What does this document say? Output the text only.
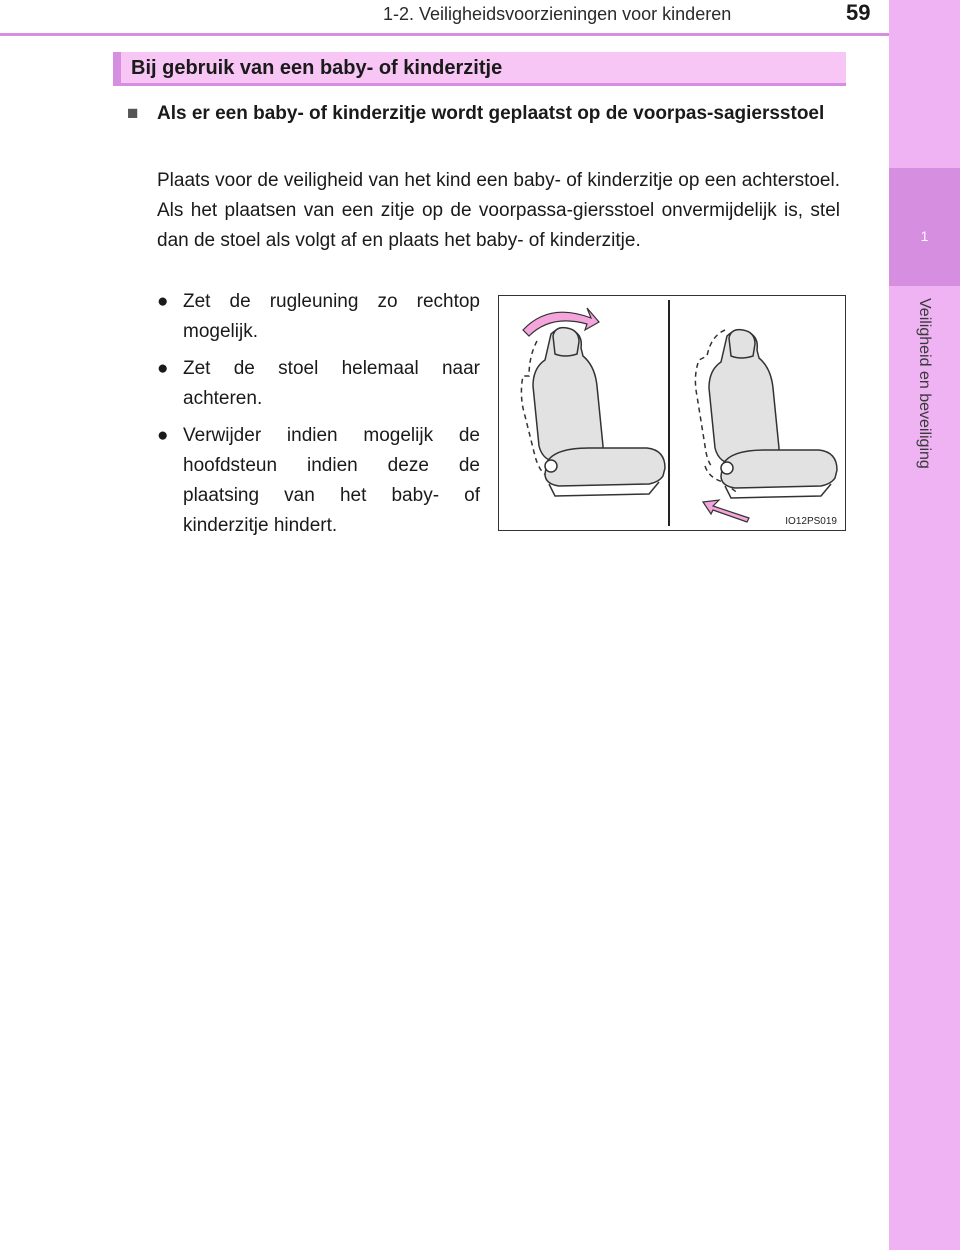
1
Veiligheid en beveiliging
1-2. Veiligheidsvoorzieningen voor kinderen	59
Bij gebruik van een baby- of kinderzitje
■ Als er een baby- of kinderzitje wordt geplaatst op de voorpas-sagiersstoel
Plaats voor de veiligheid van het kind een baby- of kinderzitje op een achterstoel. Als het plaatsen van een zitje op de voorpassa-giersstoel onvermijdelijk is, stel dan de stoel als volgt af en plaats het baby- of kinderzitje.
● Zet de rugleuning zo rechtop mogelijk.
● Zet de stoel helemaal naar achteren.
● Verwijder indien mogelijk de hoofdsteun indien deze de plaatsing van het baby- of kinderzitje hindert.	IO12PS019
